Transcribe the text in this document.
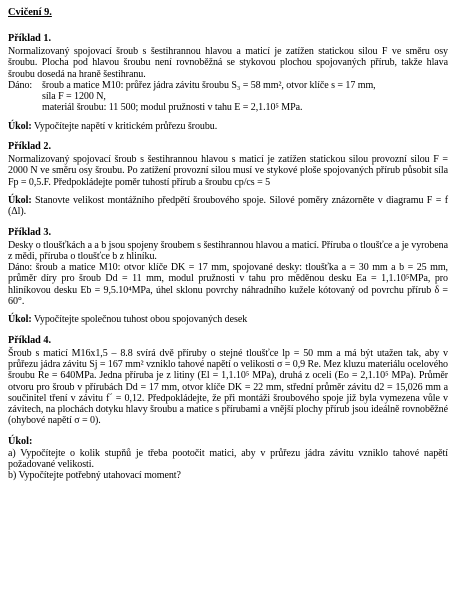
Cvičení 9.
Příklad 1.

Normalizovaný spojovací šroub s šestihrannou hlavou a maticí je zatížen statickou silou F ve směru osy šroubu. Plocha pod hlavou šroubu není rovnoběžná se stykovou plochou spojovaných přírub, takže hlava šroubu dosedá na hraně šestihranu.

Dáno: šroub a matice M10: průřez jádra závitu šroubu S₃ = 58 mm², otvor klíče s = 17 mm,
síla F = 1200 N,
materiál šroubu: 11 500; modul pružnosti v tahu E = 2,1.10⁵ MPa.

Úkol: Vypočítejte napětí v kritickém průřezu šroubu.

Příklad 2.

Normalizovaný spojovací šroub s šestihrannou hlavou s maticí je zatížen statickou silou provozní silou F = 2000 N ve směru osy šroubu. Po zatížení provozní silou musí ve stykové ploše spojovaných přírub působit síla Fp = 0,5.F. Předpokládejte poměr tuhostí přírub a šroubu cp/cs = 5

Úkol: Stanovte velikost montážního předpětí šroubového spoje. Silové poměry znázorněte v diagramu F = f (Δl).

Příklad 3.

Desky o tloušťkách a a b jsou spojeny šroubem s šestihrannou hlavou a maticí. Příruba o tloušťce a je vyrobena z mědi, příruba o tloušťce b z hliníku.

Dáno: šroub a matice M10: otvor klíče DK = 17 mm, spojované desky: tloušťka a = 30 mm a b = 25 mm, průměr díry pro šroub Dd = 11 mm, modul pružnosti v tahu pro měděnou desku Ea = 1,1.10⁵MPa, pro hliníkovou desku Eb = 9,5.10⁴MPa, úhel sklonu povrchy náhradního kužele kótovaný od povrchu přírub δ = 60°.

Úkol: Vypočítejte společnou tuhost obou spojovaných desek

Příklad 4.

Šroub s maticí M16x1,5 – 8.8 svírá dvě příruby o stejné tloušťce lp = 50 mm a má být utažen tak, aby v průřezu jádra závitu Sj = 167 mm² vzniklo tahové napětí o velikosti σ = 0,9 Re. Mez kluzu materiálu ocelového šroubu Re = 640MPa. Jedna příruba je z litiny (El = 1,1.10⁵ MPa), druhá z oceli (Eo = 2,1.10⁵ MPa). Průměr otvoru pro šroub v přírubách Dd = 17 mm, otvor klíče DK = 22 mm, střední průměr závitu d2 = 15,026 mm a součinitel tření v závitu f´ = 0,12. Předpokládejte, že při montáži šroubového spoje již byla vymezena vůle v závitech, na plochách dotyku hlavy šroubu a matice s přírubami a vnější plochy přírub jsou ideálně rovnoběžné (ohybové napětí σ = 0).

Úkol:

a) Vypočítejte o kolik stupňů je třeba pootočit matici, aby v průřezu jádra závitu vzniklo tahové napětí požadované velikosti.

b) Vypočítejte potřebný utahovací moment?
